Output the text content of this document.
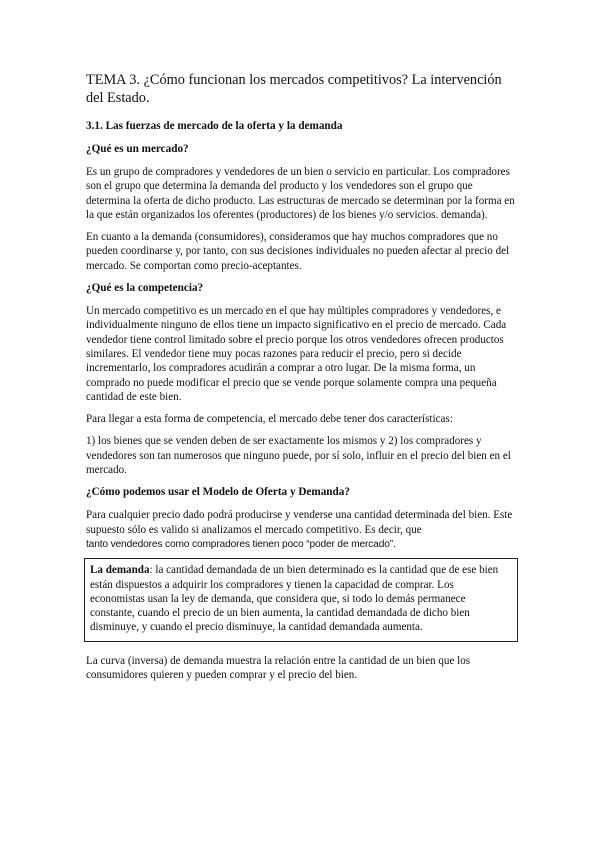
TEMA 3. ¿Cómo funcionan los mercados competitivos? La intervención del Estado.
3.1. Las fuerzas de mercado de la oferta y la demanda
¿Qué es un mercado?

Es un grupo de compradores y vendedores de un bien o servicio en particular. Los compradores son el grupo que determina la demanda del producto y los vendedores son el grupo que determina la oferta de dicho producto. Las estructuras de mercado se determinan por la forma en la que están organizados los oferentes (productores) de los bienes y/o servicios. demanda).

En cuanto a la demanda (consumidores), consideramos que hay muchos compradores que no pueden coordinarse y, por tanto, con sus decisiones individuales no pueden afectar al precio del mercado. Se comportan como precio-aceptantes.

¿Qué es la competencia?

Un mercado competitivo es un mercado en el que hay múltiples compradores y vendedores, e individualmente ninguno de ellos tiene un impacto significativo en el precio de mercado. Cada vendedor tiene control limitado sobre el precio porque los otros vendedores ofrecen productos similares. El vendedor tiene muy pocas razones para reducir el precio, pero si decide incrementarlo, los compradores acudirán a comprar a otro lugar. De la misma forma, un comprado no puede modificar el precio que se vende porque solamente compra una pequeña cantidad de este bien.

Para llegar a esta forma de competencia, el mercado debe tener dos características:

1) los bienes que se venden deben de ser exactamente los mismos y 2) los compradores y vendedores son tan numerosos que ninguno puede, por sí solo, influir en el precio del bien en el mercado.

¿Cómo podemos usar el Modelo de Oferta y Demanda?

Para cualquier precio dado podrá producirse y venderse una cantidad determinada del bien. Este supuesto sólo es valido si analizamos el mercado competitivo. Es decir, que
tanto vendedores como compradores tienen poco “poder de mercado”.

La demanda: la cantidad demandada de un bien determinado es la cantidad que de ese bien están dispuestos a adquirir los compradores y tienen la capacidad de comprar. Los economistas usan la ley de demanda, que considera que, si todo lo demás permanece constante, cuando el precio de un bien aumenta, la cantidad demandada de dicho bien disminuye, y cuando el precio disminuye, la cantidad demandada aumenta.

La curva (inversa) de demanda muestra la relación entre la cantidad de un bien que los consumidores quieren y pueden comprar y el precio del bien.
